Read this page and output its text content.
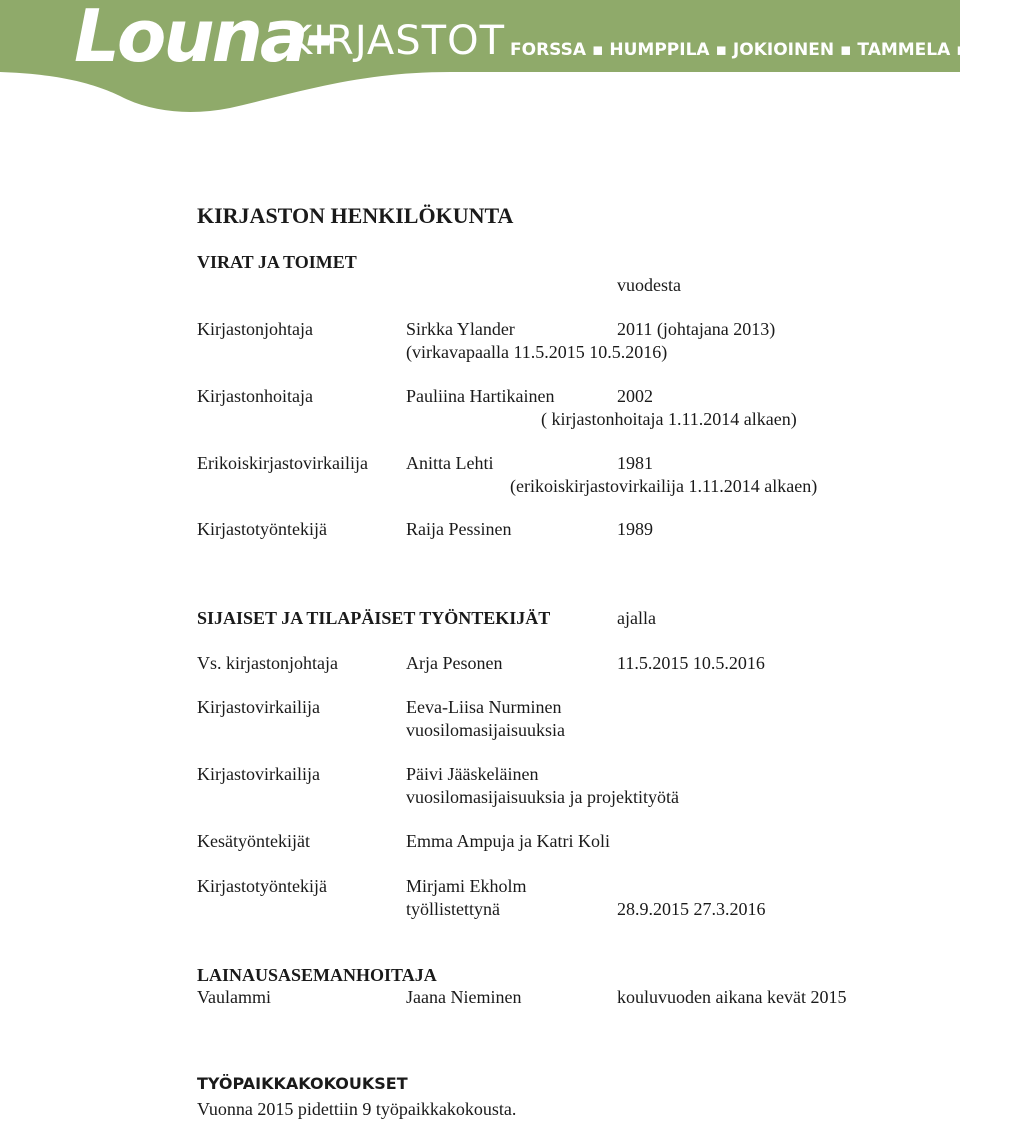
Louna-
KIRJASTOT FORSSA ▪ HUMPPILA ▪ JOKIOINEN ▪ TAMMELA ▪ YPÄJÄ
KIRJASTON HENKILÖKUNTA
VIRAT JA TOIMET
vuodesta
Kirjastonjohtaja	Sirkka Ylander	2011 (johtajana 2013)
(virkavapaalla 11.5.2015 10.5.2016)
Kirjastonhoitaja	Pauliina Hartikainen	2002
( kirjastonhoitaja 1.11.2014 alkaen)
Erikoiskirjastovirkailija Anitta Lehti	1981
(erikoiskirjastovirkailija 1.11.2014 alkaen)
Kirjastotyöntekijä	Raija Pessinen	1989
SIJAISET JA TILAPÄISET TYÖNTEKIJÄT	ajalla
Vs. kirjastonjohtaja	Arja Pesonen	11.5.2015 10.5.2016
Kirjastovirkailija	Eeva-Liisa Nurminen
vuosilomasijaisuuksia
Kirjastovirkailija	Päivi Jääskeläinen
vuosilomasijaisuuksia ja projektityötä
Kesätyöntekijät	Emma Ampuja ja Katri Koli
Kirjastotyöntekijä	Mirjami Ekholm
työllistettynä	28.9.2015 27.3.2016
LAINAUSASEMANHOITAJA
Vaulammi	Jaana Nieminen	kouluvuoden aikana kevät 2015
TYÖPAIKKAKOKOUKSET
Vuonna 2015 pidettiin 9 työpaikkakokousta.
